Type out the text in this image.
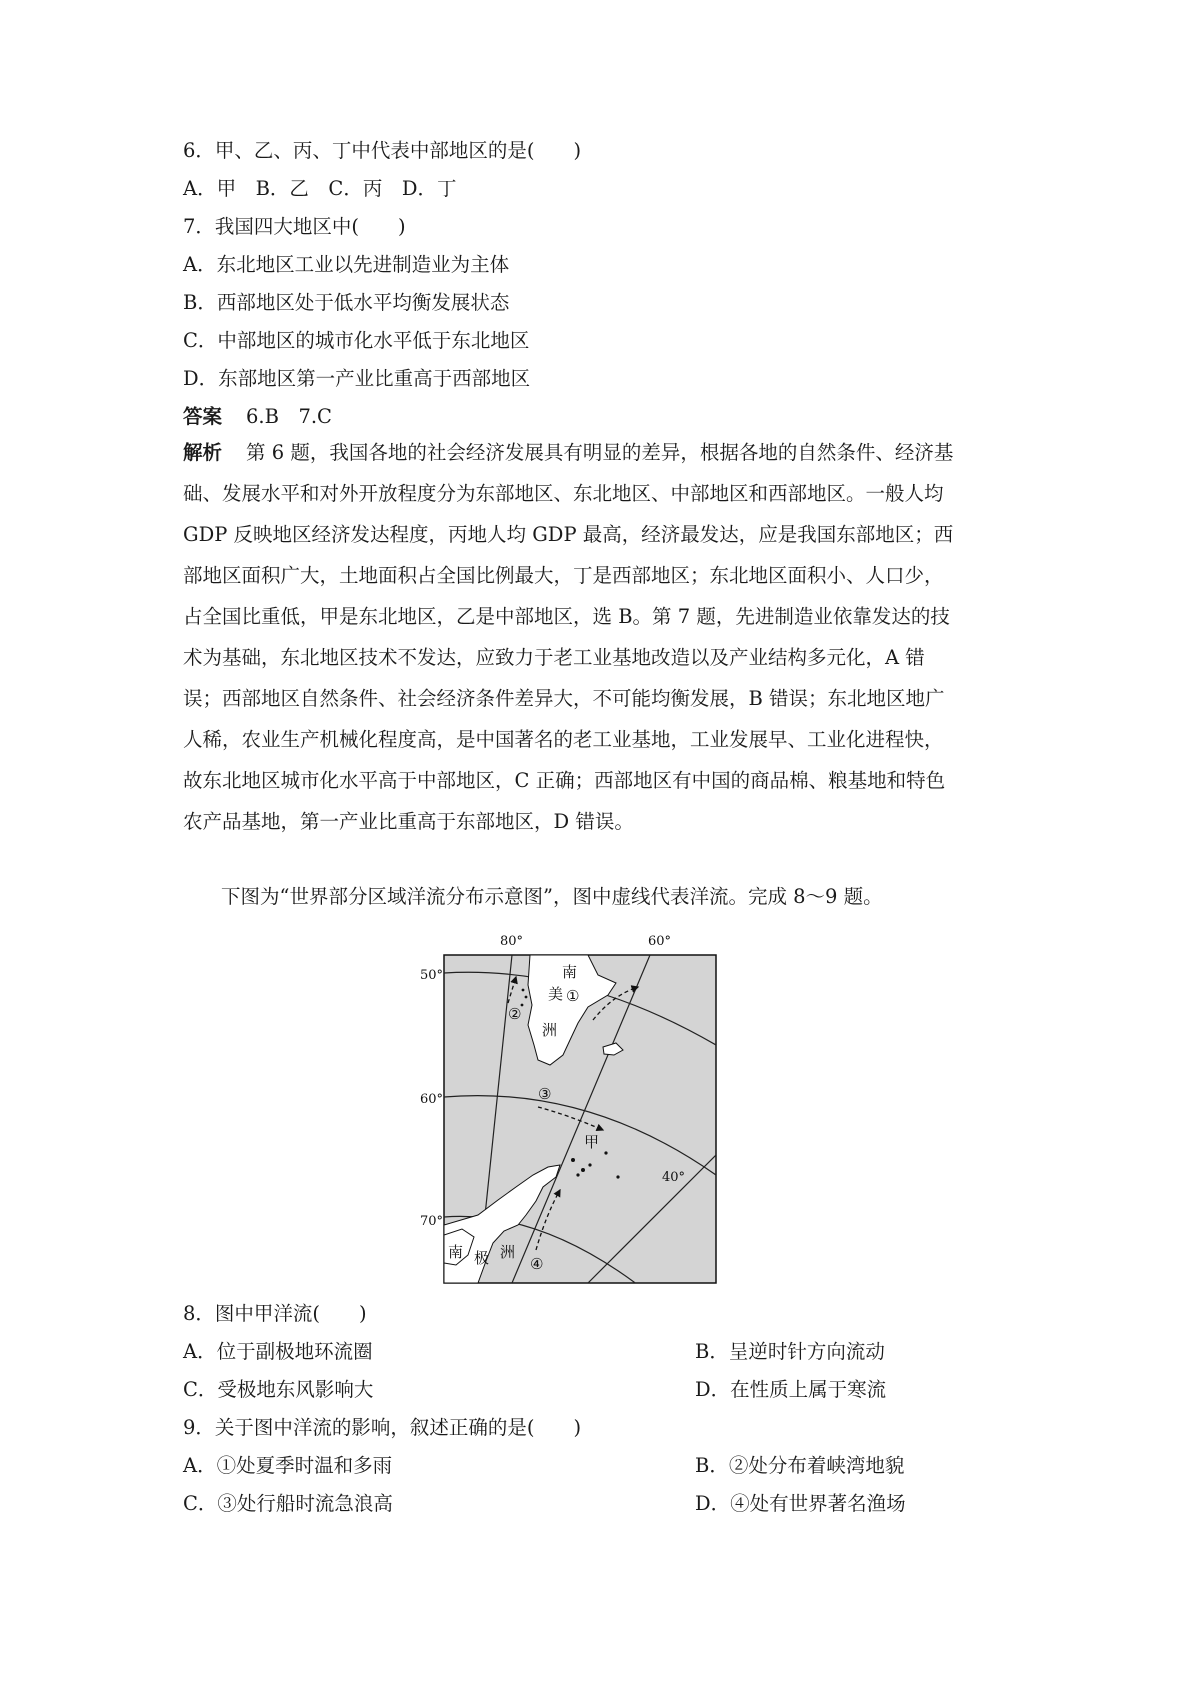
6．甲、乙、丙、丁中代表中部地区的是(　　)
A．甲　B．乙　C．丙　D．丁
7．我国四大地区中(　　)
A．东北地区工业以先进制造业为主体
B．西部地区处于低水平均衡发展状态
C．中部地区的城市化水平低于东北地区
D．东部地区第一产业比重高于西部地区
答案 6.B　7.C
解析 第 6 题，我国各地的社会经济发展具有明显的差异，根据各地的自然条件、经济基
础、发展水平和对外开放程度分为东部地区、东北地区、中部地区和西部地区。一般人均
GDP 反映地区经济发达程度，丙地人均 GDP 最高，经济最发达，应是我国东部地区；西
部地区面积广大，土地面积占全国比例最大，丁是西部地区；东北地区面积小、人口少，
占全国比重低，甲是东北地区，乙是中部地区，选 B。第 7 题，先进制造业依靠发达的技
术为基础，东北地区技术不发达，应致力于老工业基地改造以及产业结构多元化，A 错
误；西部地区自然条件、社会经济条件差异大，不可能均衡发展，B 错误；东北地区地广
人稀，农业生产机械化程度高，是中国著名的老工业基地，工业发展早、工业化进程快，
故东北地区城市化水平高于中部地区，C 正确；西部地区有中国的商品棉、粮基地和特色
农产品基地，第一产业比重高于东部地区，D 错误。
下图为“世界部分区域洋流分布示意图”，图中虚线代表洋流。完成 8～9 题。
80°	60°
40°
50°
60°
70°
南
美
洲
南 极 洲
①
②
③
④
甲
8．图中甲洋流(　　)
A．位于副极地环流圈	B．呈逆时针方向流动
C．受极地东风影响大	D．在性质上属于寒流
9．关于图中洋流的影响，叙述正确的是(　　)
A．①处夏季时温和多雨	B．②处分布着峡湾地貌
C．③处行船时流急浪高	D．④处有世界著名渔场
